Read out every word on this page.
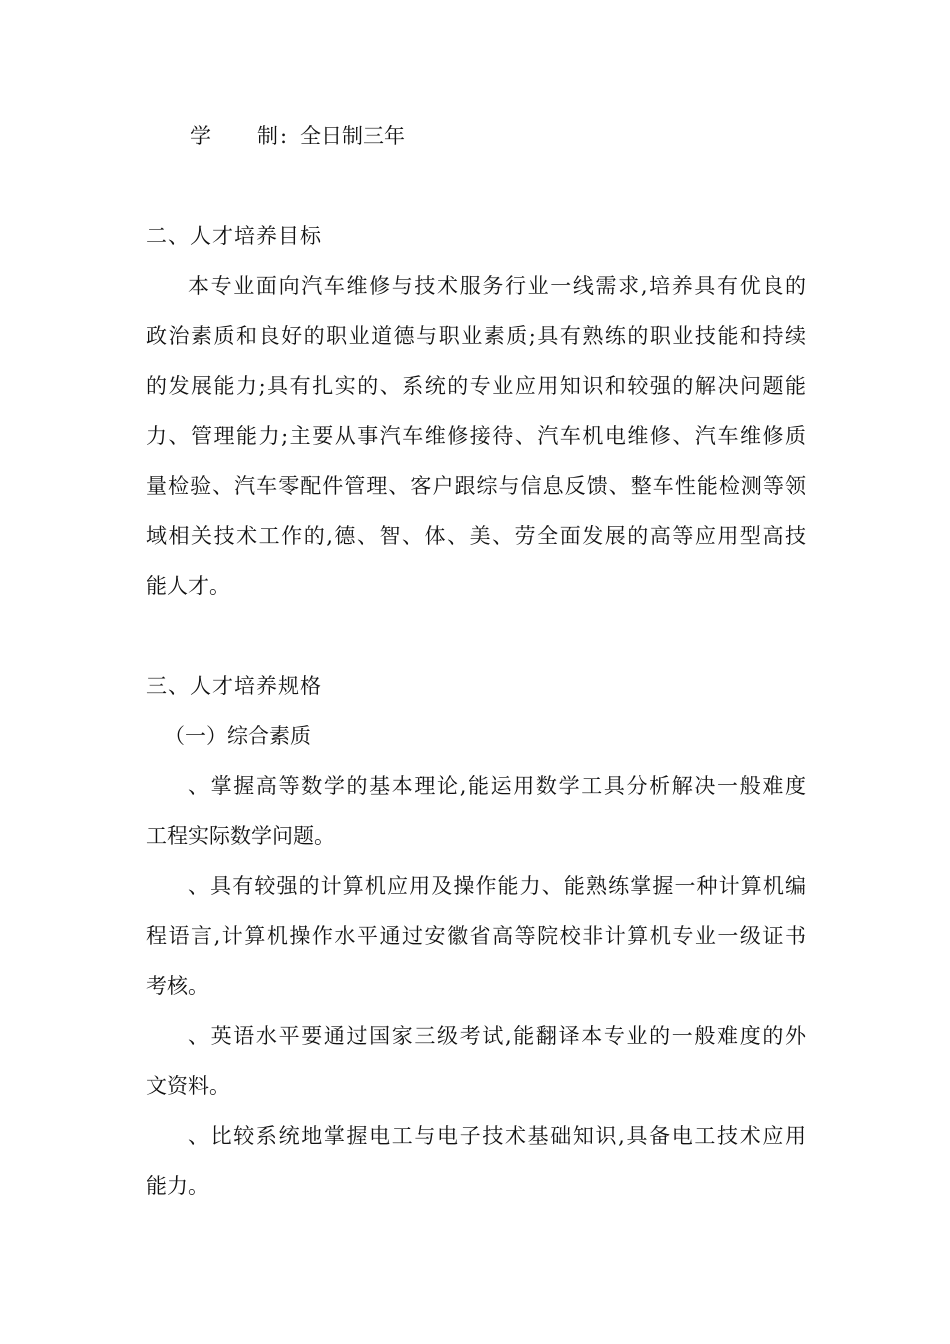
学 制 : 全日制三年
二、人才培养目标
本专业面向汽车维修与技术服务行业一线需求,培养具有优良的
政治素质和良好的职业道德与职业素质;具有熟练的职业技能和持续
的发展能力;具有扎实的、系统的专业应用知识和较强的解决问题能
力、管理能力;主要从事汽车维修接待、汽车机电维修、汽车维修质
量检验、汽车零配件管理、客户跟综与信息反馈、整车性能检测等领
域相关技术工作的,德、智、体、美、劳全面发展的高等应用型高技
能人才。
三、人才培养规格
（一）综合素质
、掌握高等数学的基本理论,能运用数学工具分析解决一般难度
工程实际数学问题。
、具有较强的计算机应用及操作能力、能熟练掌握一种计算机编
程语言,计算机操作水平通过安徽省高等院校非计算机专业一级证书
考核。
、英语水平要通过国家三级考试,能翻译本专业的一般难度的外
文资料。
、比较系统地掌握电工与电子技术基础知识,具备电工技术应用
能力。
